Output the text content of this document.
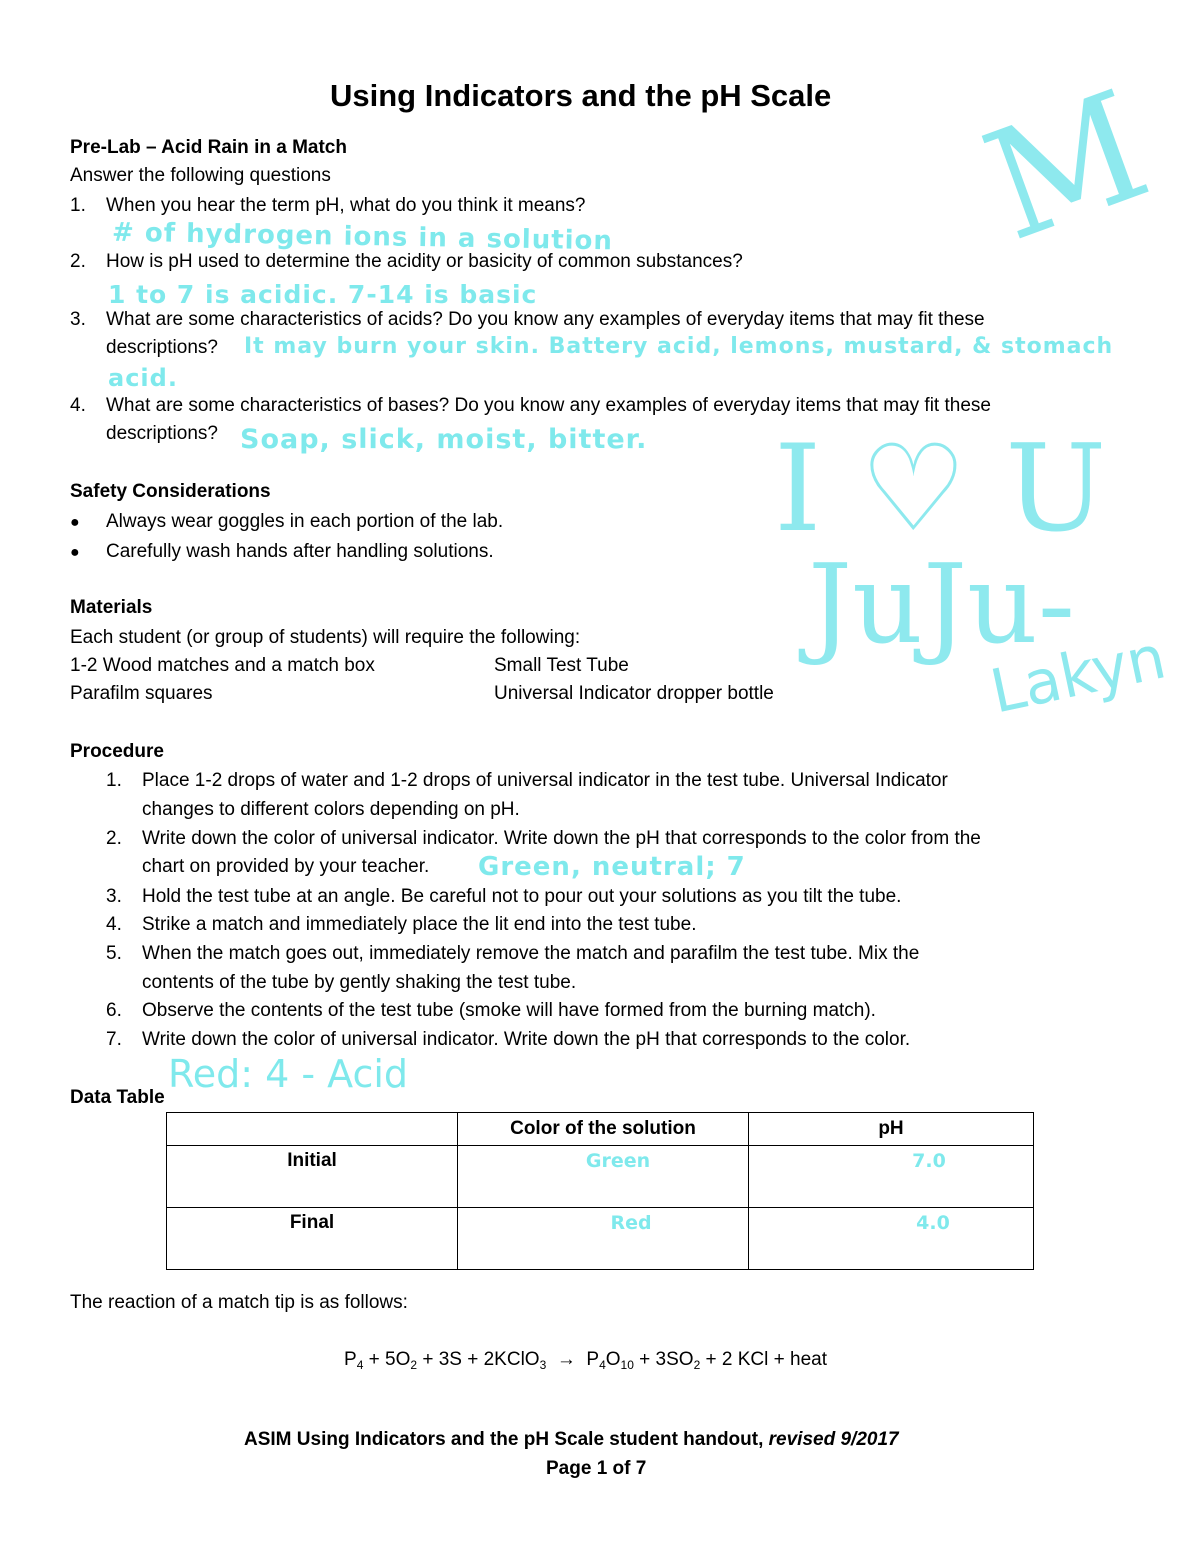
Using Indicators and the pH Scale
Pre-Lab – Acid Rain in a Match
Answer the following questions
1. When you hear the term pH, what do you think it means?
# of hydrogen ions in a solution
2. How is pH used to determine the acidity or basicity of common substances?
1 to 7 is acidic. 7-14 is basic
3. What are some characteristics of acids? Do you know any examples of everyday items that may fit these
descriptions? It may burn your skin. Battery acid, lemons, mustard, & stomach
acid.
4. What are some characteristics of bases? Do you know any examples of everyday items that may fit these
descriptions? Soap, slick, moist, bitter.
Safety Considerations
● Always wear goggles in each portion of the lab.
● Carefully wash hands after handling solutions.
Materials
Each student (or group of students) will require the following:
1-2 Wood matches and a match box	Small Test Tube
Parafilm squares	Universal Indicator dropper bottle
Procedure
1. Place 1-2 drops of water and 1-2 drops of universal indicator in the test tube. Universal Indicator
changes to different colors depending on pH.
2. Write down the color of universal indicator. Write down the pH that corresponds to the color from the
chart on provided by your teacher. Green, neutral; 7
3. Hold the test tube at an angle. Be careful not to pour out your solutions as you tilt the tube.
4. Strike a match and immediately place the lit end into the test tube.
5. When the match goes out, immediately remove the match and parafilm the test tube. Mix the
contents of the tube by gently shaking the test tube.
6. Observe the contents of the test tube (smoke will have formed from the burning match).
7. Write down the color of universal indicator. Write down the pH that corresponds to the color.
Red: 4 - Acid
Data Table
	Color of the solution	pH
Initial	Green	7.0
Final	Red	4.0
The reaction of a match tip is as follows:
$P_4 + 5O_2 + 3S$ + 2KClO$_3$  →  $P_4O_{10} + 3SO_2 + 2$ KCl + heat
ASIM Using Indicators and the pH Scale student handout, revised 9/2017
Page 1 of 7
M
I ♡ U
JuJu-
Lakyn
